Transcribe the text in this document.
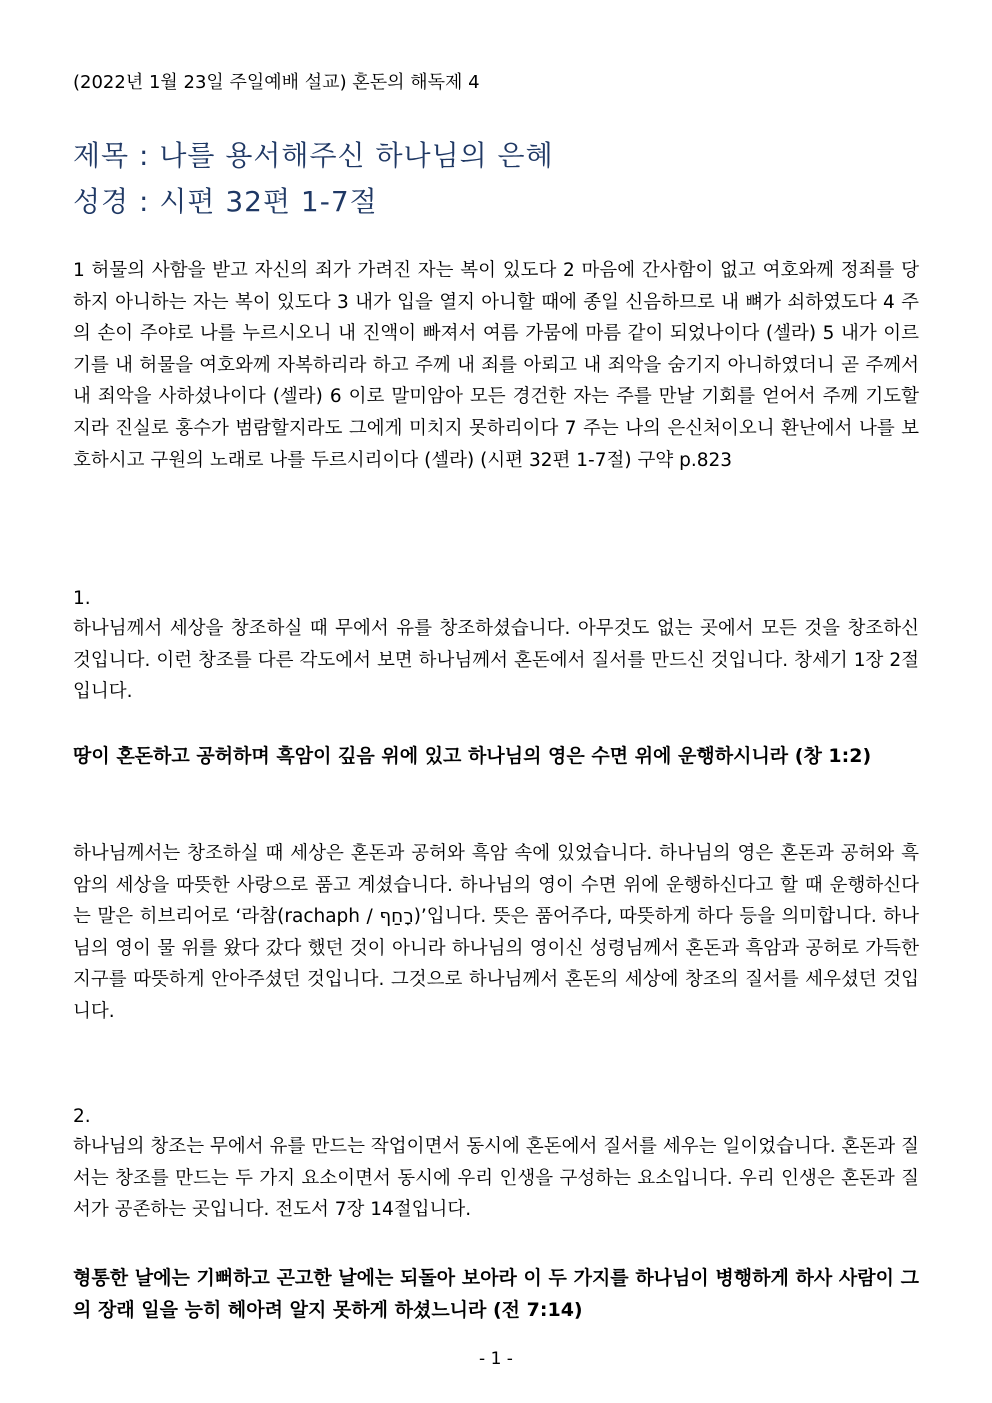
(2022년 1월 23일 주일예배 설교) 혼돈의 해독제 4
제목 : 나를 용서해주신 하나님의 은혜
성경 : 시편 32편 1-7절
1 허물의 사함을 받고 자신의 죄가 가려진 자는 복이 있도다 2 마음에 간사함이 없고 여호와께 정죄를 당하지 아니하는 자는 복이 있도다 3 내가 입을 열지 아니할 때에 종일 신음하므로 내 뼈가 쇠하였도다 4 주의 손이 주야로 나를 누르시오니 내 진액이 빠져서 여름 가뭄에 마름 같이 되었나이다 (셀라) 5 내가 이르기를 내 허물을 여호와께 자복하리라 하고 주께 내 죄를 아뢰고 내 죄악을 숨기지 아니하였더니 곧 주께서 내 죄악을 사하셨나이다 (셀라) 6 이로 말미암아 모든 경건한 자는 주를 만날 기회를 얻어서 주께 기도할지라 진실로 홍수가 범람할지라도 그에게 미치지 못하리이다 7 주는 나의 은신처이오니 환난에서 나를 보호하시고 구원의 노래로 나를 두르시리이다 (셀라) (시편 32편 1-7절) 구약 p.823
1.
하나님께서 세상을 창조하실 때 무에서 유를 창조하셨습니다. 아무것도 없는 곳에서 모든 것을 창조하신 것입니다. 이런 창조를 다른 각도에서 보면 하나님께서 혼돈에서 질서를 만드신 것입니다. 창세기 1장 2절입니다.
땅이 혼돈하고 공허하며 흑암이 깊음 위에 있고 하나님의 영은 수면 위에 운행하시니라 (창 1:2)
하나님께서는 창조하실 때 세상은 혼돈과 공허와 흑암 속에 있었습니다. 하나님의 영은 혼돈과 공허와 흑암의 세상을 따뜻한 사랑으로 품고 계셨습니다. 하나님의 영이 수면 위에 운행하신다고 할 때 운행하신다는 말은 히브리어로 ‘라참(rachaph / רָחַף)’입니다. 뜻은 품어주다, 따뜻하게 하다 등을 의미합니다. 하나님의 영이 물 위를 왔다 갔다 했던 것이 아니라 하나님의 영이신 성령님께서 혼돈과 흑암과 공허로 가득한 지구를 따뜻하게 안아주셨던 것입니다. 그것으로 하나님께서 혼돈의 세상에 창조의 질서를 세우셨던 것입니다.
2.
하나님의 창조는 무에서 유를 만드는 작업이면서 동시에 혼돈에서 질서를 세우는 일이었습니다. 혼돈과 질서는 창조를 만드는 두 가지 요소이면서 동시에 우리 인생을 구성하는 요소입니다. 우리 인생은 혼돈과 질서가 공존하는 곳입니다. 전도서 7장 14절입니다.
형통한 날에는 기뻐하고 곤고한 날에는 되돌아 보아라 이 두 가지를 하나님이 병행하게 하사 사람이 그의 장래 일을 능히 헤아려 알지 못하게 하셨느니라 (전 7:14)
- 1 -
